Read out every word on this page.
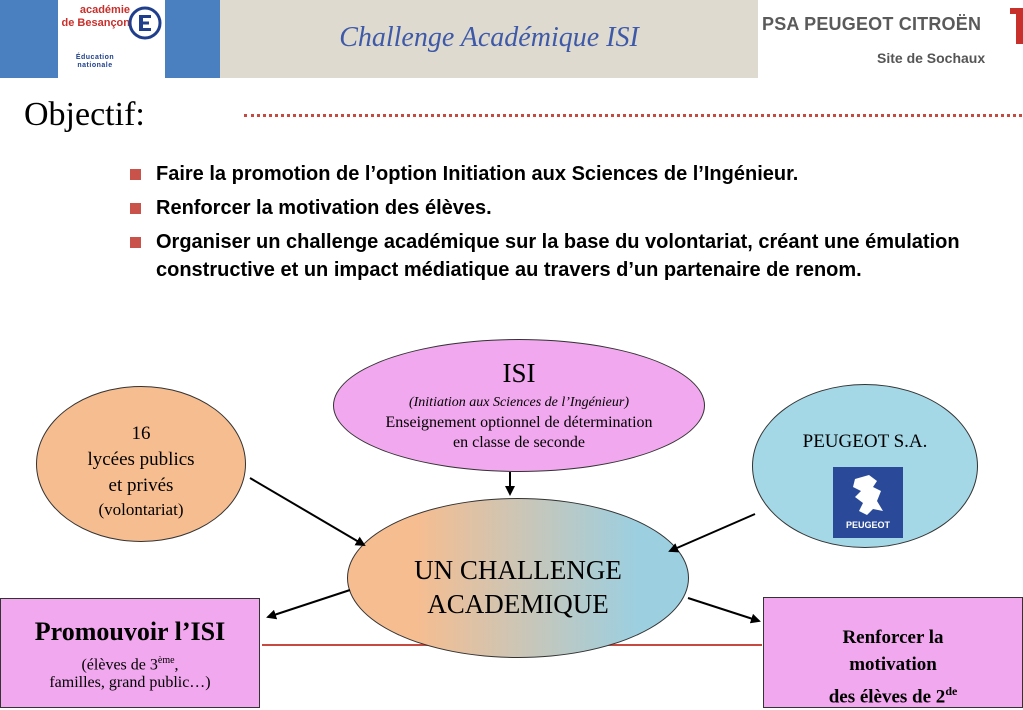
académie
de Besançon
Éducation
nationale
Challenge Académique ISI	PSA PEUGEOT CITROËN
Site de Sochaux
Objectif:
Faire la promotion de l’option Initiation aux Sciences de l’Ingénieur.
Renforcer la motivation des élèves.
Organiser un challenge académique sur la base du volontariat, créant une émulation constructive et un impact médiatique au travers d’un partenaire de renom.
ISI
(Initiation aux Sciences de l’Ingénieur)
Enseignement optionnel de détermination
en classe de seconde
16
lycées publics
et privés
(volontariat)
PEUGEOT S.A.
PEUGEOT
UN CHALLENGE
ACADEMIQUE
Promouvoir l’ISI
(élèves de 3ème,
familles, grand public…)
Renforcer la
motivation
des élèves de 2de
